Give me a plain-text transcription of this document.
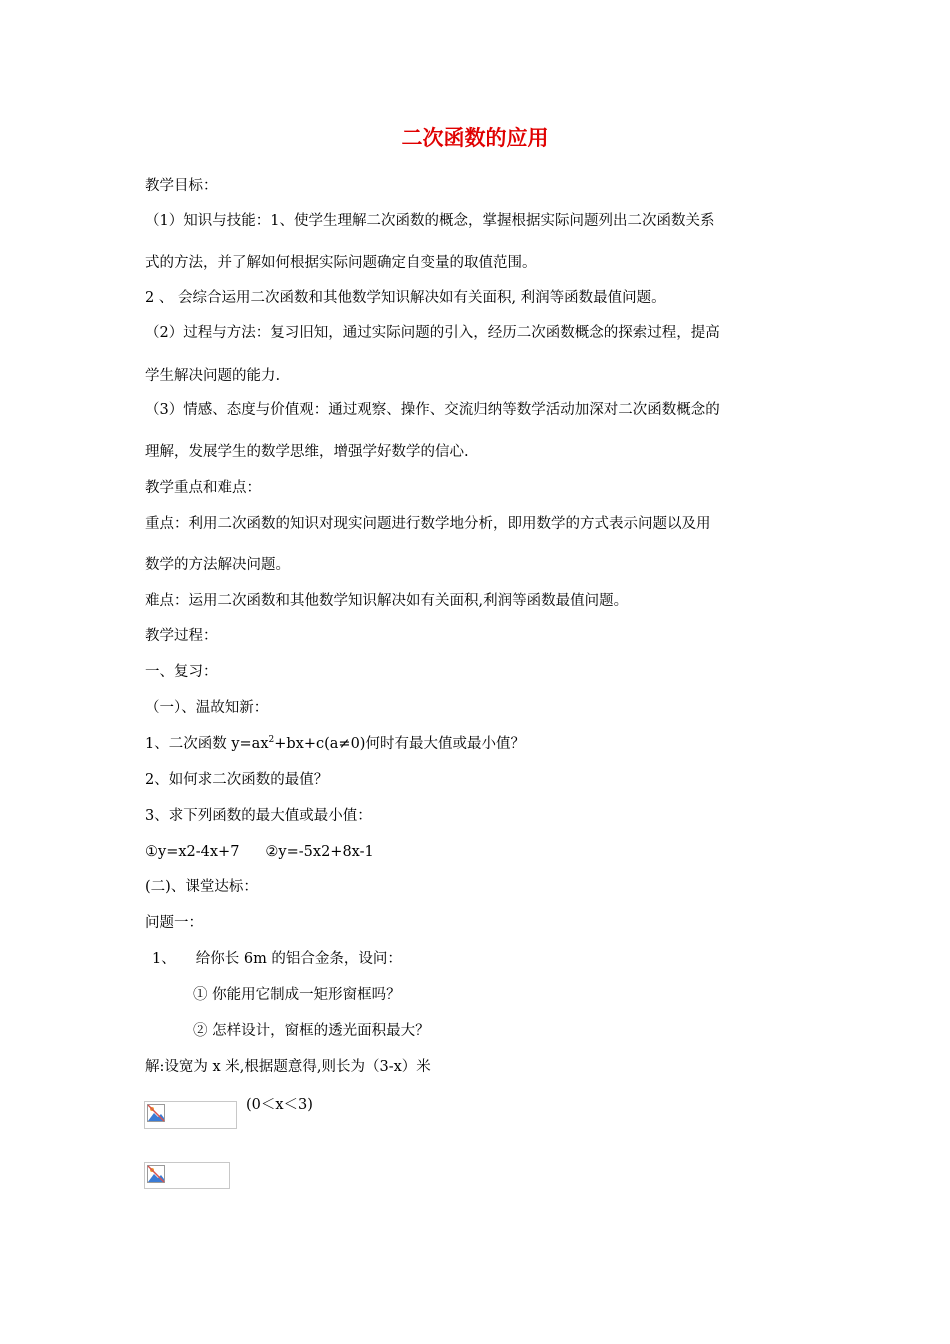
二次函数的应用
教学目标：
（1）知识与技能：1、使学生理解二次函数的概念，掌握根据实际问题列出二次函数关系
式的方法，并了解如何根据实际问题确定自变量的取值范围。
2 、 会综合运用二次函数和其他数学知识解决如有关面积, 利润等函数最值问题。
（2）过程与方法：复习旧知，通过实际问题的引入，经历二次函数概念的探索过程，提高
学生解决问题的能力.
（3）情感、态度与价值观：通过观察、操作、交流归纳等数学活动加深对二次函数概念的
理解，发展学生的数学思维，增强学好数学的信心.
教学重点和难点：
重点：利用二次函数的知识对现实问题进行数学地分析，即用数学的方式表示问题以及用
数学的方法解决问题。
难点：运用二次函数和其他数学知识解决如有关面积,利润等函数最值问题。
教学过程：
一、复习：
（一）、温故知新：
1、二次函数 $y=ax^2+bx+c(a\ne 0)$何时有最大值或最小值？
2、如何求二次函数的最值？
3、求下列函数的最大值或最小值：
①y=x2-4x+7 ②y=-5x2+8x-1
(二)、课堂达标：
问题一：
1、 给你长 6m 的铝合金条，设问：
① 你能用它制成一矩形窗框吗？
② 怎样设计，窗框的透光面积最大？
解:设宽为 x 米,根据题意得,则长为（3-x）米
(0＜x＜3)
